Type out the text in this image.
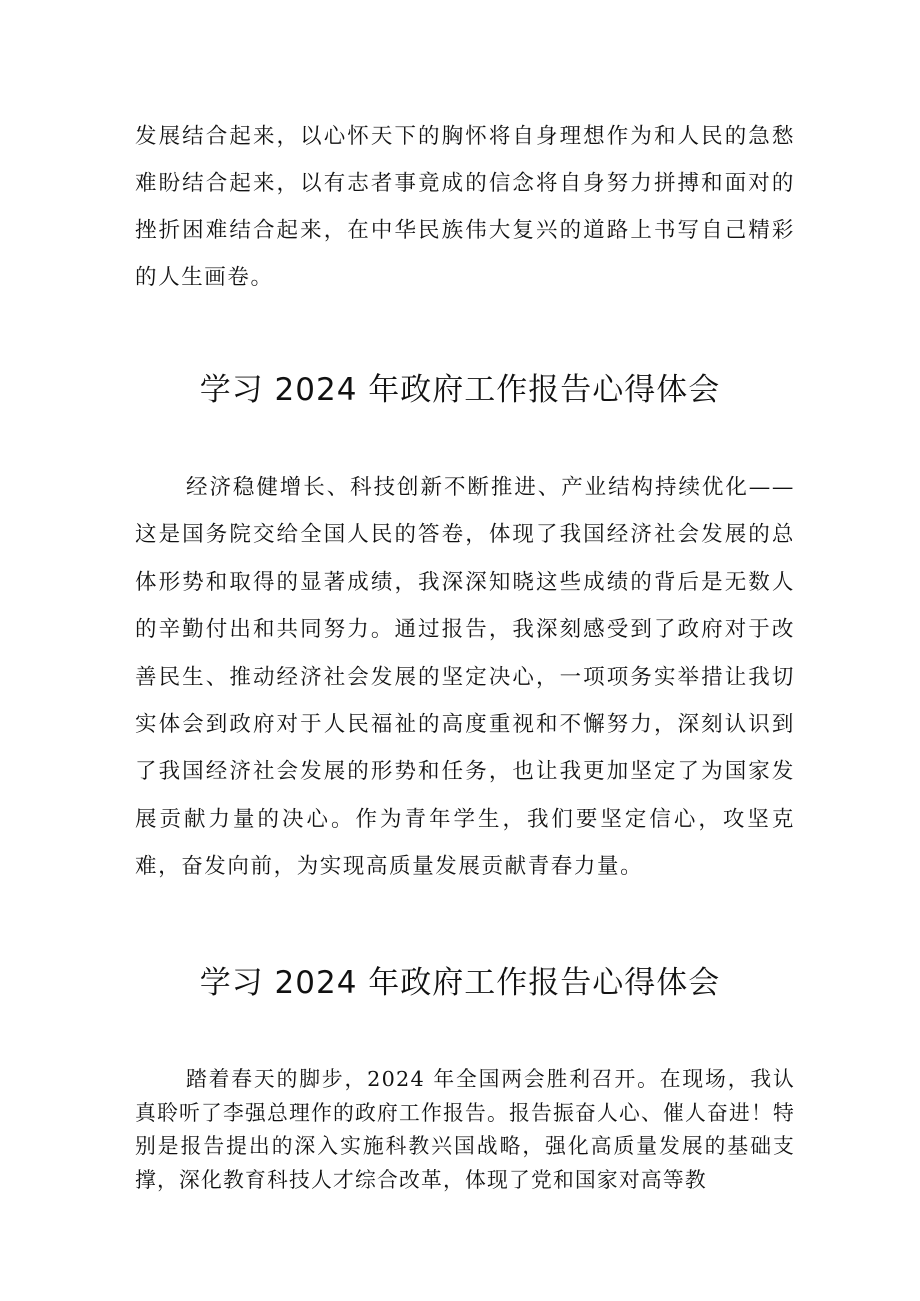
发展结合起来，以心怀天下的胸怀将自身理想作为和人民的急愁难盼结合起来，以有志者事竟成的信念将自身努力拼搏和面对的挫折困难结合起来，在中华民族伟大复兴的道路上书写自己精彩的人生画卷。

学习 2024 年政府工作报告心得体会

经济稳健增长、科技创新不断推进、产业结构持续优化——这是国务院交给全国人民的答卷，体现了我国经济社会发展的总体形势和取得的显著成绩，我深深知晓这些成绩的背后是无数人的辛勤付出和共同努力。通过报告，我深刻感受到了政府对于改善民生、推动经济社会发展的坚定决心，一项项务实举措让我切实体会到政府对于人民福祉的高度重视和不懈努力，深刻认识到了我国经济社会发展的形势和任务，也让我更加坚定了为国家发展贡献力量的决心。作为青年学生，我们要坚定信心，攻坚克难，奋发向前，为实现高质量发展贡献青春力量。

学习 2024 年政府工作报告心得体会

踏着春天的脚步，2024 年全国两会胜利召开。在现场，我认真聆听了李强总理作的政府工作报告。报告振奋人心、催人奋进！特别是报告提出的深入实施科教兴国战略，强化高质量发展的基础支撑，深化教育科技人才综合改革，体现了党和国家对高等教
